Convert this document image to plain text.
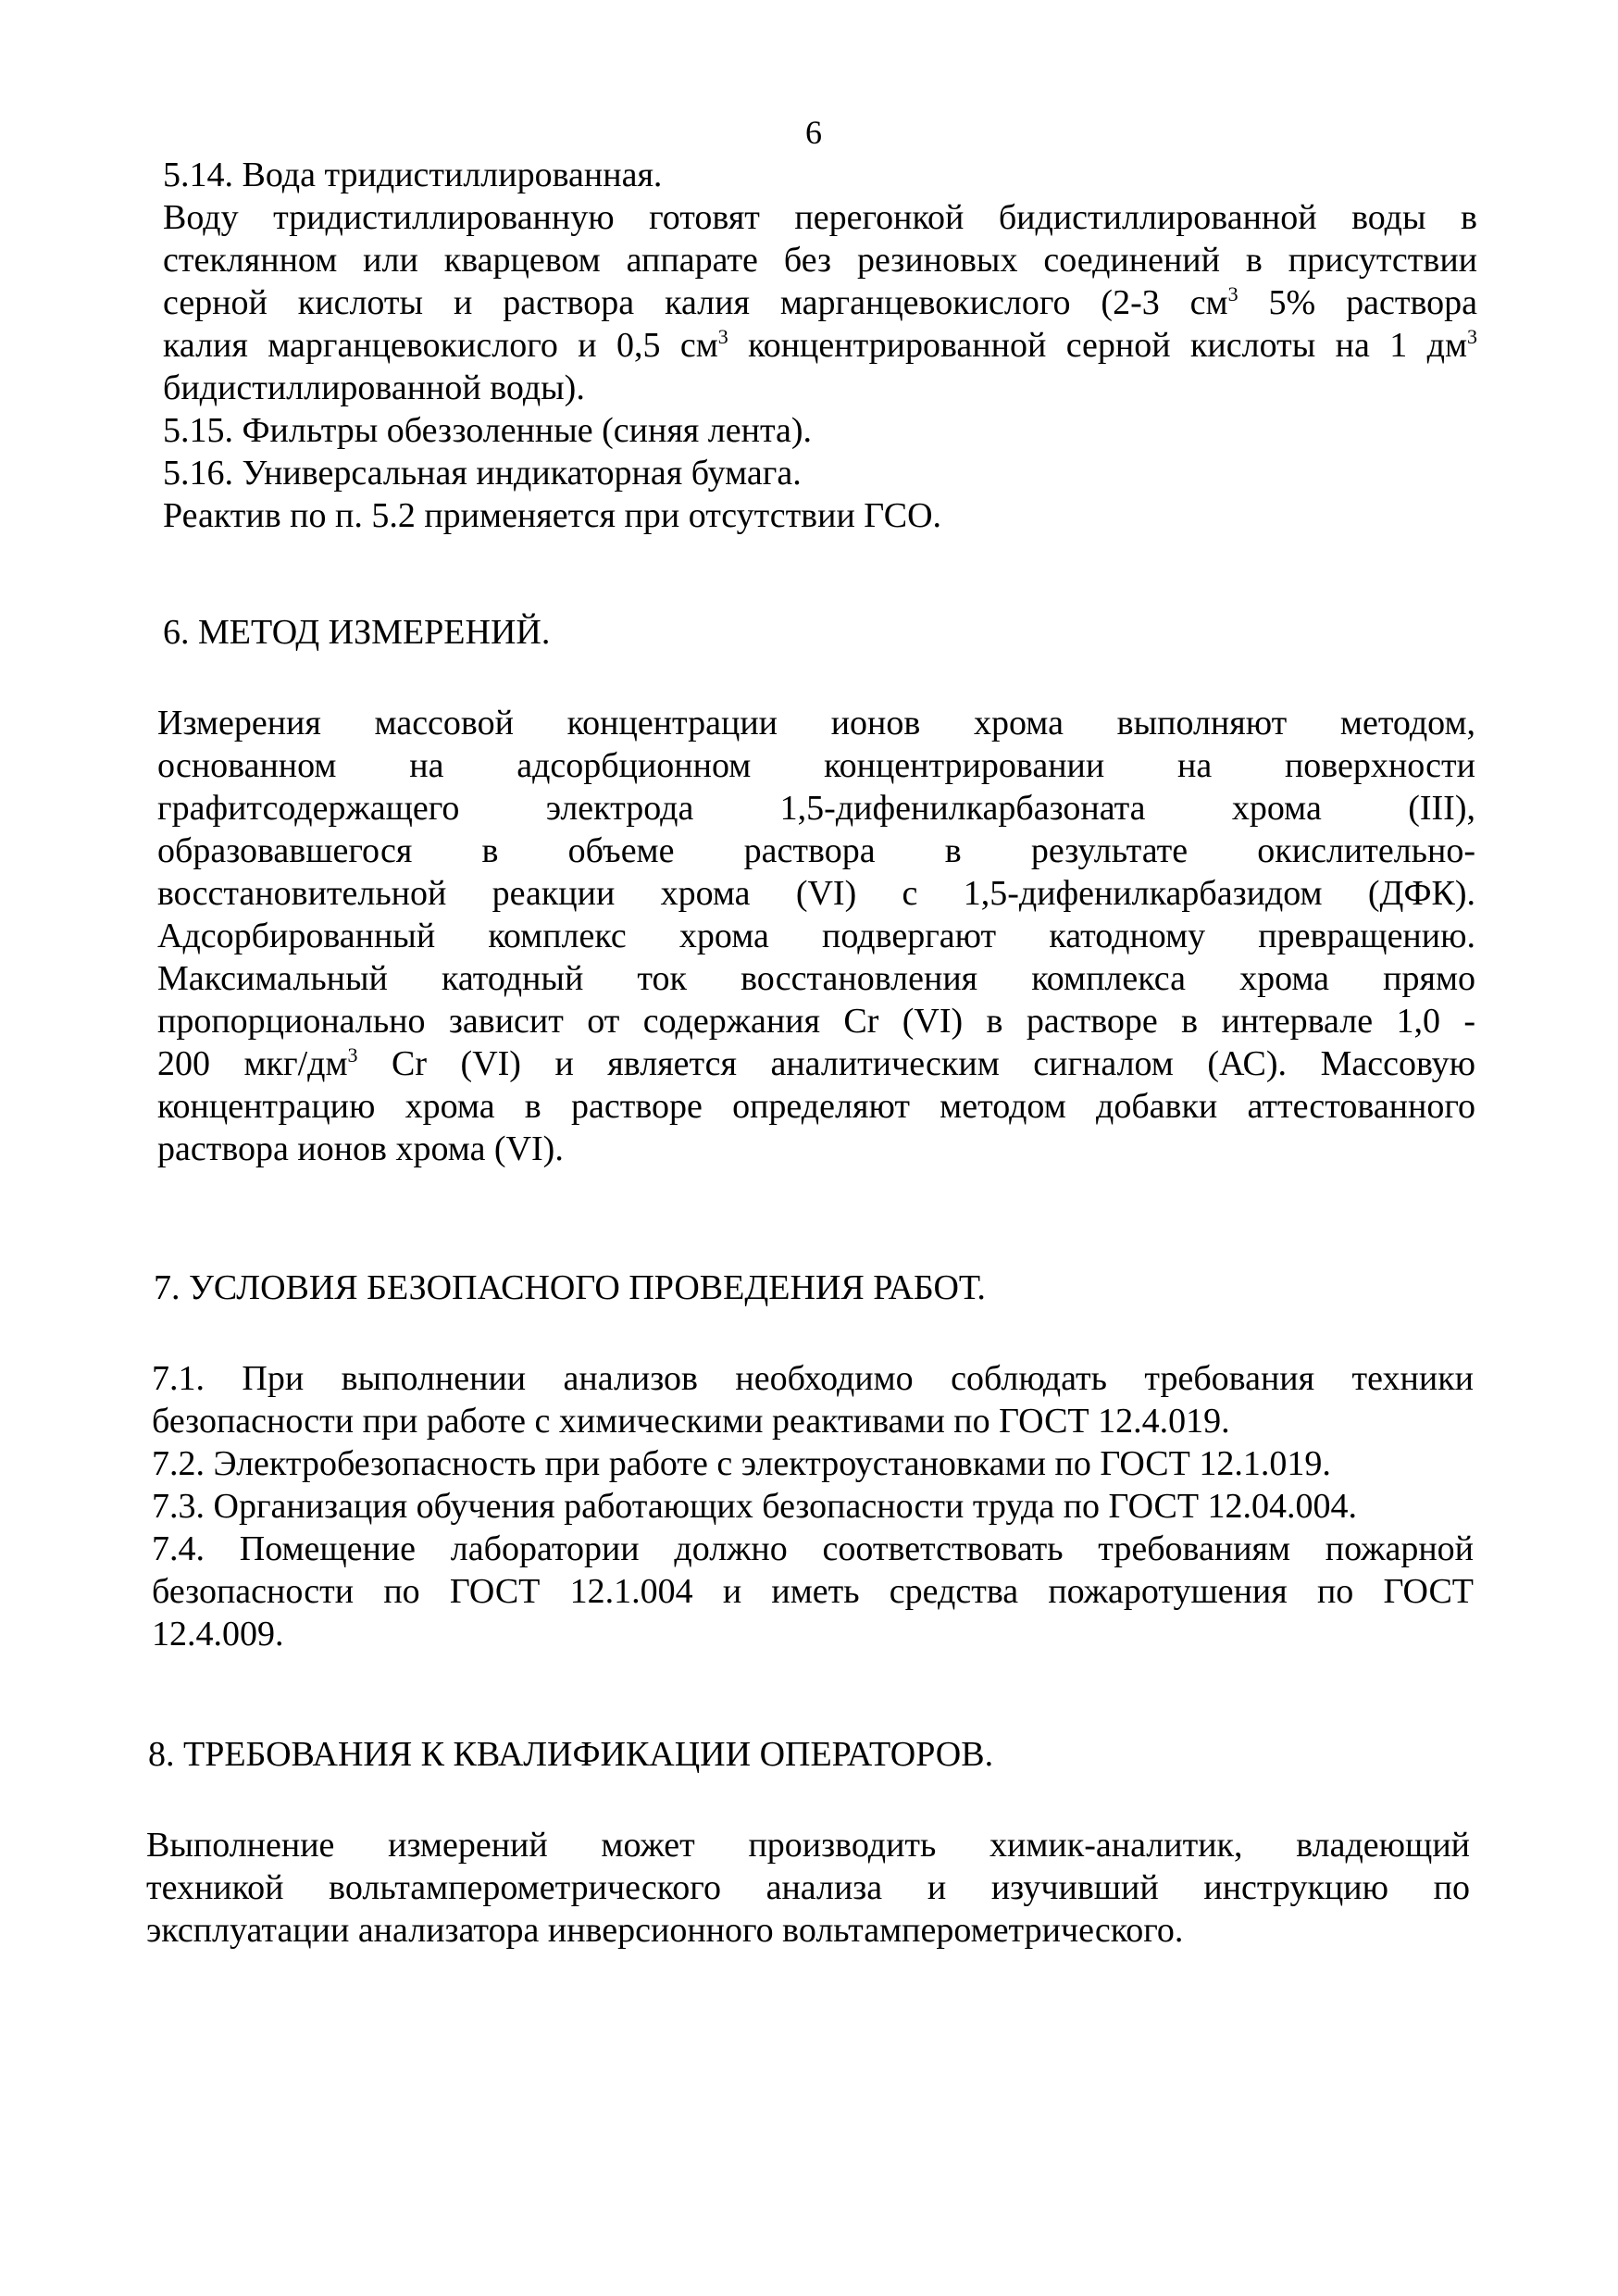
6

5.14. Вода тридистиллированная.

Воду тридистиллированную готовят перегонкой бидистиллированной воды в
стеклянном или кварцевом аппарате без резиновых соединений в присутствии
серной кислоты и раствора калия марганцевокислого (2-3 $см^3$ 5% раствора
калия марганцевокислого и 0,5 $см^3$ концентрированной серной кислоты на 1 $дм^3$
бидистиллированной воды).

5.15. Фильтры обеззоленные (синяя лента).

5.16. Универсальная индикаторная бумага.

Реактив по п. 5.2 применяется при отсутствии ГСО.

6. МЕТОД ИЗМЕРЕНИЙ.

Измерения массовой концентрации ионов хрома выполняют методом,
основанном на адсорбционном концентрировании на поверхности
графитсодержащего электрода 1,5-дифенилкарбазоната хрома (III),
образовавшегося в объеме раствора в результате окислительно-
восстановительной реакции хрома (VI) с 1,5-дифенилкарбазидом (ДФК).
Адсорбированный комплекс хрома подвергают катодному превращению.
Максимальный катодный ток восстановления комплекса хрома прямо
пропорционально зависит от содержания Cr (VI) в растворе в интервале 1,0 -
200 мкг/$дм^3$ Cr (VI) и является аналитическим сигналом (АС). Массовую
концентрацию хрома в растворе определяют методом добавки аттестованного
раствора ионов хрома (VI).

7. УСЛОВИЯ БЕЗОПАСНОГО ПРОВЕДЕНИЯ РАБОТ.

7.1. При выполнении анализов необходимо соблюдать требования техники
безопасности при работе с химическими реактивами по ГОСТ 12.4.019.
7.2. Электробезопасность при работе с электроустановками по ГОСТ 12.1.019.
7.3. Организация обучения работающих безопасности труда по ГОСТ 12.04.004.
7.4. Помещение лаборатории должно соответствовать требованиям пожарной
безопасности по ГОСТ 12.1.004 и иметь средства пожаротушения по ГОСТ
12.4.009.

8. ТРЕБОВАНИЯ К КВАЛИФИКАЦИИ ОПЕРАТОРОВ.

Выполнение измерений может производить химик-аналитик, владеющий
техникой вольтамперометрического анализа и изучивший инструкцию по
эксплуатации анализатора инверсионного вольтамперометрического.
